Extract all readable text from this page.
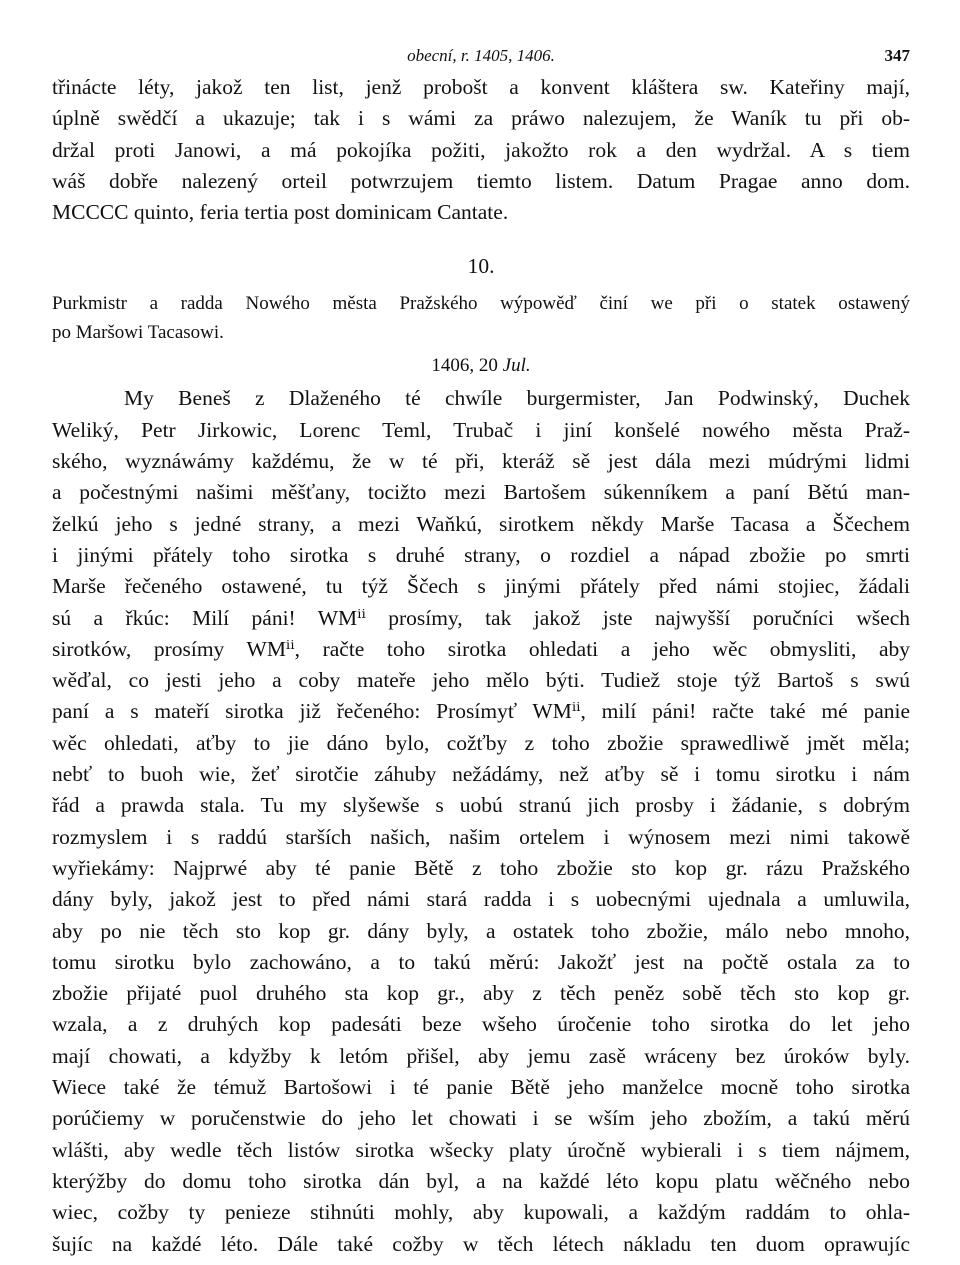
obecní, r. 1405, 1406.	347
třinácte léty, jakož ten list, jenž probošt a konvent kláštera sw. Kateřiny mají,
úplně swědčí a ukazuje; tak i s wámi za práwo nalezujem, že Waník tu při ob-
držal proti Janowi, a má pokojíka požiti, jakožto rok a den wydržal. A s tiem
wáš dobře nalezený orteil potwrzujem tiemto listem. Datum Pragae anno dom.
MCCCC quinto, feria tertia post dominicam Cantate.
10.
Purkmistr a radda Nowého města Pražského wýpowěď činí we při o statek ostawený
po Maršowi Tacasowi.
1406, 20 Jul.
My Beneš z Dlaženého té chwíle burgermister, Jan Podwinský, Duchek
Weliký, Petr Jirkowic, Lorenc Teml, Trubač i jiní konšelé nowého města Praž-
ského, wyznáwámy každému, že w té při, kteráž sě jest dála mezi múdrými lidmi
a počestnými našimi měšťany, tocižto mezi Bartošem súkenníkem a paní Bětú man-
želkú jeho s jedné strany, a mezi Waňkú, sirotkem někdy Marše Tacasa a Ščechem
i jinými přátely toho sirotka s druhé strany, o rozdiel a nápad zbožie po smrti
Marše řečeného ostawené, tu týž Ščech s jinými přátely před námi stojiec, žádali
sú a řkúc: Milí páni! WMⁱⁱ prosímy, tak jakož jste najwyšší poručníci wšech
sirotków, prosímy WMⁱⁱ, račte toho sirotka ohledati a jeho wěc obmysliti, aby
wěďal, co jesti jeho a coby mateře jeho mělo býti. Tudiež stoje týž Bartoš s swú
paní a s mateří sirotka již řečeného: Prosímyť WMⁱⁱ, milí páni! račte také mé panie
wěc ohledati, aťby to jie dáno bylo, cožťby z toho zbožie sprawedliwě jmět měla;
nebť to buoh wie, žeť sirotčie záhuby nežádámy, než aťby sě i tomu sirotku i nám
řád a prawda stala. Tu my slyšewše s uobú stranú jich prosby i žádanie, s dobrým
rozmyslem i s raddú starších našich, našim ortelem i wýnosem mezi nimi takowě
wyřiekámy: Najprwé aby té panie Bětě z toho zbožie sto kop gr. rázu Pražského
dány byly, jakož jest to před námi stará radda i s uobecnými ujednala a umluwila,
aby po nie těch sto kop gr. dány byly, a ostatek toho zbožie, málo nebo mnoho,
tomu sirotku bylo zachowáno, a to takú měrú: Jakožť jest na počtě ostala za to
zbožie přijaté puol druhého sta kop gr., aby z těch peněz sobě těch sto kop gr.
wzala, a z druhých kop padesáti beze wšeho úročenie toho sirotka do let jeho
mají chowati, a kdyžby k letóm přišel, aby jemu zasě wráceny bez úroków byly.
Wiece také že témuž Bartošowi i té panie Bětě jeho manželce mocně toho sirotka
porúčiemy w poručenstwie do jeho let chowati i se wším jeho zbožím, a takú měrú
wlášti, aby wedle těch listów sirotka wšecky platy úročně wybierali i s tiem nájmem,
kterýžby do domu toho sirotka dán byl, a na každé léto kopu platu wěčného nebo
wiec, cožby ty penieze stihnúti mohly, aby kupowali, a každým raddám to ohla-
šujíc na každé léto. Dále také cožby w těch létech nákladu ten duom oprawujíc
